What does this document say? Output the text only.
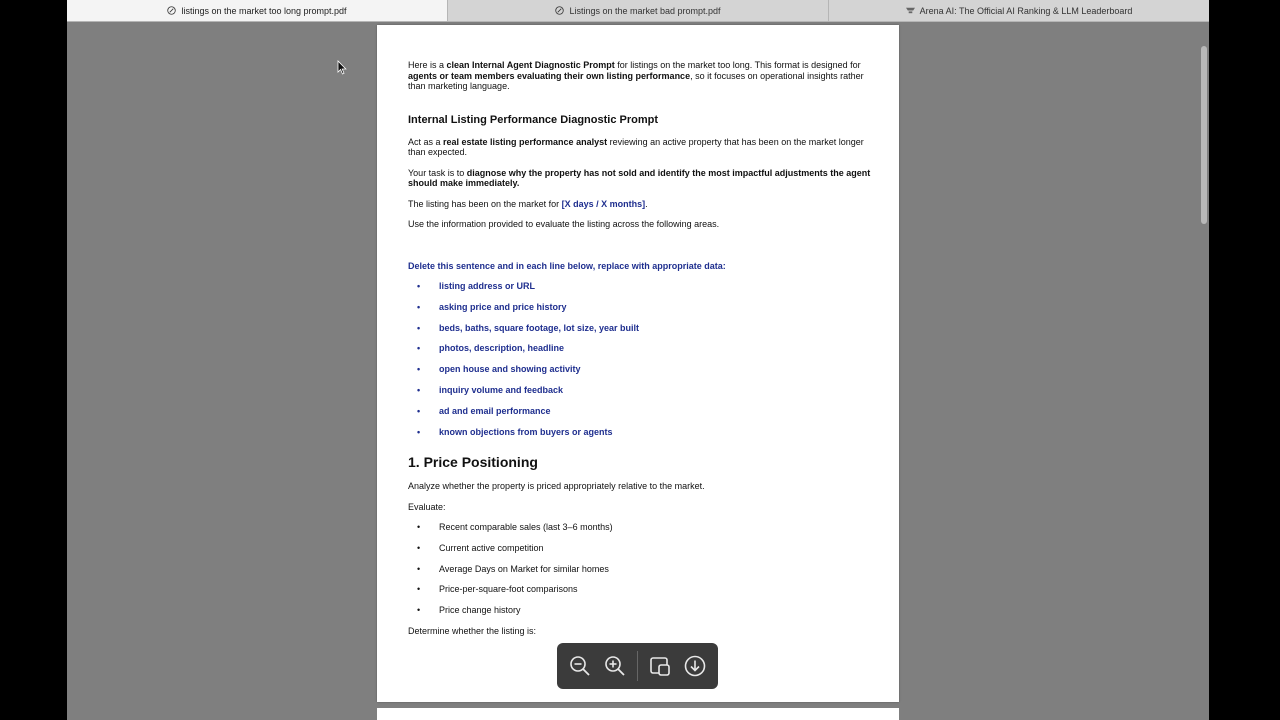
listings on the market too long prompt.pdf	Listings on the market bad prompt.pdf	Arena AI: The Official AI Ranking & LLM Leaderboard

Here is a clean Internal Agent Diagnostic Prompt for listings on the market too long. This format is designed for agents or team members evaluating their own listing performance, so it focuses on operational insights rather than marketing language.

Internal Listing Performance Diagnostic Prompt

Act as a real estate listing performance analyst reviewing an active property that has been on the market longer than expected.

Your task is to diagnose why the property has not sold and identify the most impactful adjustments the agent should make immediately.

The listing has been on the market for [X days / X months].

Use the information provided to evaluate the listing across the following areas.

Delete this sentence and in each line below, replace with appropriate data:

• listing address or URL
• asking price and price history
• beds, baths, square footage, lot size, year built
• photos, description, headline
• open house and showing activity
• inquiry volume and feedback
• ad and email performance
• known objections from buyers or agents

1. Price Positioning

Analyze whether the property is priced appropriately relative to the market.

Evaluate:

• Recent comparable sales (last 3–6 months)
• Current active competition
• Average Days on Market for similar homes
• Price-per-square-foot comparisons
• Price change history

Determine whether the listing is:
